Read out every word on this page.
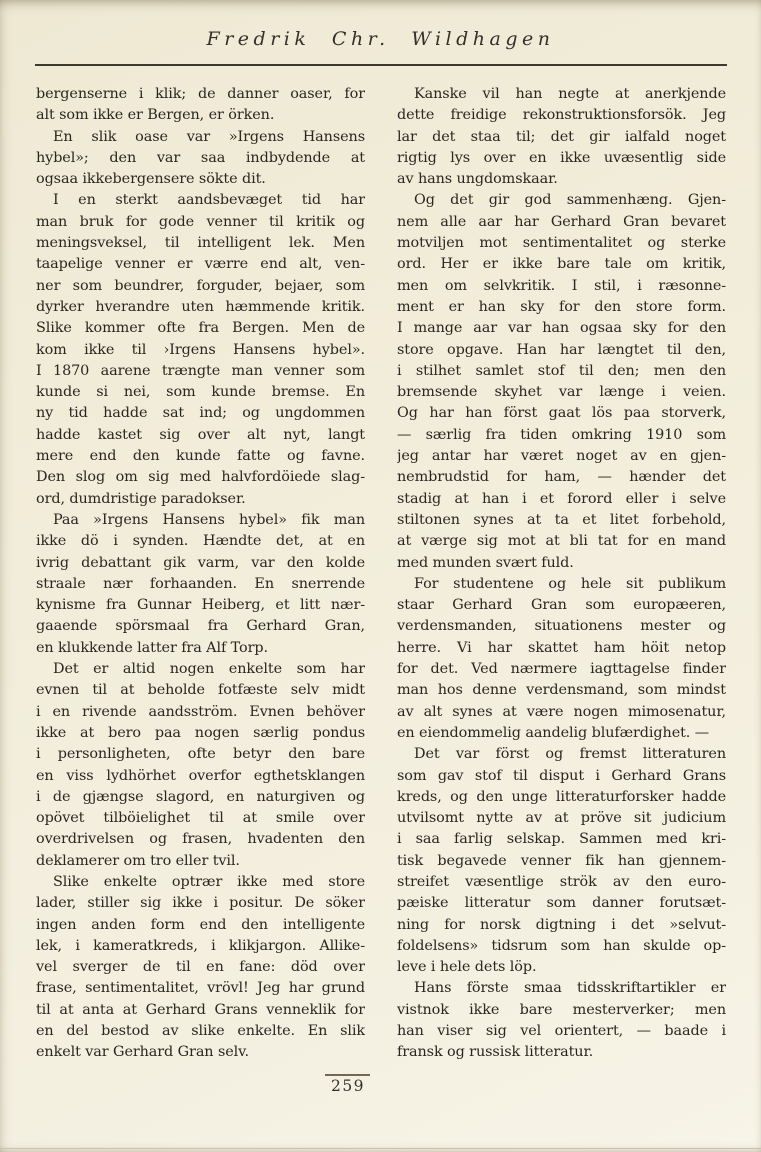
Fredrik Chr. Wildhagen
bergenserne i klik; de danner oaser, for
alt som ikke er Bergen, er örken.
En slik oase var »Irgens Hansens
hybel»; den var saa indbydende at
ogsaa ikkebergensere sökte dit.
I en sterkt aandsbevæget tid har
man bruk for gode venner til kritik og
meningsveksel, til intelligent lek. Men
taapelige venner er værre end alt, ven-
ner som beundrer, forguder, bejaer, som
dyrker hverandre uten hæmmende kritik.
Slike kommer ofte fra Bergen. Men de
kom ikke til ›Irgens Hansens hybel».
I 1870 aarene trængte man venner som
kunde si nei, som kunde bremse. En
ny tid hadde sat ind; og ungdommen
hadde kastet sig over alt nyt, langt
mere end den kunde fatte og favne.
Den slog om sig med halvfordöiede slag-
ord, dumdristige paradokser.
Paa »Irgens Hansens hybel» fik man
ikke dö i synden. Hændte det, at en
ivrig debattant gik varm, var den kolde
straale nær forhaanden. En snerrende
kynisme fra Gunnar Heiberg, et litt nær-
gaaende spörsmaal fra Gerhard Gran,
en klukkende latter fra Alf Torp.
Det er altid nogen enkelte som har
evnen til at beholde fotfæste selv midt
i en rivende aandsström. Evnen behöver
ikke at bero paa nogen særlig pondus
i personligheten, ofte betyr den bare
en viss lydhörhet overfor egthetsklangen
i de gjængse slagord, en naturgiven og
opövet tilböielighet til at smile over
overdrivelsen og frasen, hvadenten den
deklamerer om tro eller tvil.
Slike enkelte optrær ikke med store
lader, stiller sig ikke i positur. De söker
ingen anden form end den intelligente
lek, i kameratkreds, i klikjargon. Allike-
vel sverger de til en fane: död over
frase, sentimentalitet, vrövl! Jeg har grund
til at anta at Gerhard Grans venneklik for
en del bestod av slike enkelte. En slik
enkelt var Gerhard Gran selv.
Kanske vil han negte at anerkjende
dette freidige rekonstruktionsforsök. Jeg
lar det staa til; det gir ialfald noget
rigtig lys over en ikke uvæsentlig side
av hans ungdomskaar.
Og det gir god sammenhæng. Gjen-
nem alle aar har Gerhard Gran bevaret
motviljen mot sentimentalitet og sterke
ord. Her er ikke bare tale om kritik,
men om selvkritik. I stil, i ræsonne-
ment er han sky for den store form.
I mange aar var han ogsaa sky for den
store opgave. Han har længtet til den,
i stilhet samlet stof til den; men den
bremsende skyhet var længe i veien.
Og har han först gaat lös paa storverk,
— særlig fra tiden omkring 1910 som
jeg antar har været noget av en gjen-
nembrudstid for ham, — hænder det
stadig at han i et forord eller i selve
stiltonen synes at ta et litet forbehold,
at værge sig mot at bli tat for en mand
med munden svært fuld.
For studentene og hele sit publikum
staar Gerhard Gran som europæeren,
verdensmanden, situationens mester og
herre. Vi har skattet ham höit netop
for det. Ved nærmere iagttagelse finder
man hos denne verdensmand, som mindst
av alt synes at være nogen mimosenatur,
en eiendommelig aandelig blufærdighet. —
Det var först og fremst litteraturen
som gav stof til disput i Gerhard Grans
kreds, og den unge litteraturforsker hadde
utvilsomt nytte av at pröve sit judicium
i saa farlig selskap. Sammen med kri-
tisk begavede venner fik han gjennem-
streifet væsentlige strök av den euro-
pæiske litteratur som danner forutsæt-
ning for norsk digtning i det »selvut-
foldelsens» tidsrum som han skulde op-
leve i hele dets löp.
Hans förste smaa tidsskriftartikler er
vistnok ikke bare mesterverker; men
han viser sig vel orientert, — baade i
fransk og russisk litteratur.
259
